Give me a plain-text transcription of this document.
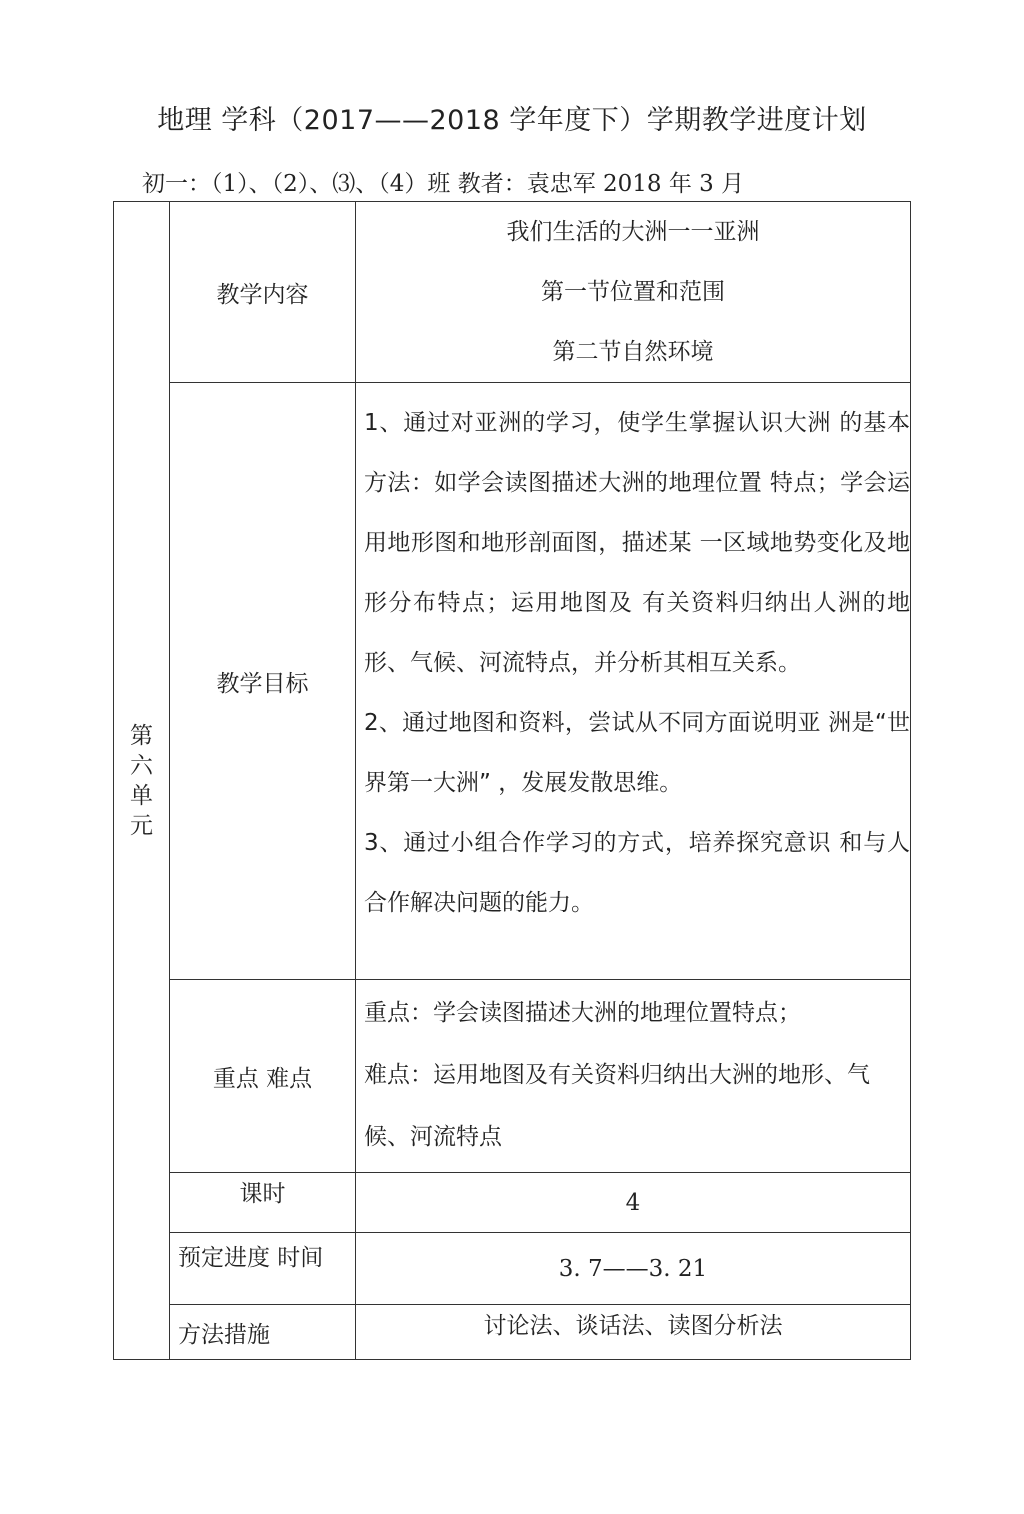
地理 学科（2017——2018 学年度下）学期教学进度计划
初一：（1）、（2）、⑶、（4）班 教者：袁忠军 2018 年 3 月
第六单元	教学内容	我们生活的大洲一一亚洲
第一节位置和范围
第二节自然环境

	教学目标	1、通过对亚洲的学习，使学生掌握认识大洲 的基本方法：如学会读图描述大洲的地理位置 特点；学会运用地形图和地形剖面图，描述某 一区域地势变化及地形分布特点；运用地图及 有关资料归纳出人洲的地形、气候、河流特点，并分析其相互关系。

2、通过地图和资料，尝试从不同方面说明亚 洲是“世界第一大洲” ，发展发散思维。

3、通过小组合作学习的方式，培养探究意识 和与人合作解决问题的能力。

	重点 难点	重点：学会读图描述大洲的地理位置特点；

难点：运用地图及有关资料归纳出大洲的地形、气候、河流特点

	课时	4
	预定进度 时间	3. 7——3. 21
	方法措施	讨论法、谈话法、读图分析法
